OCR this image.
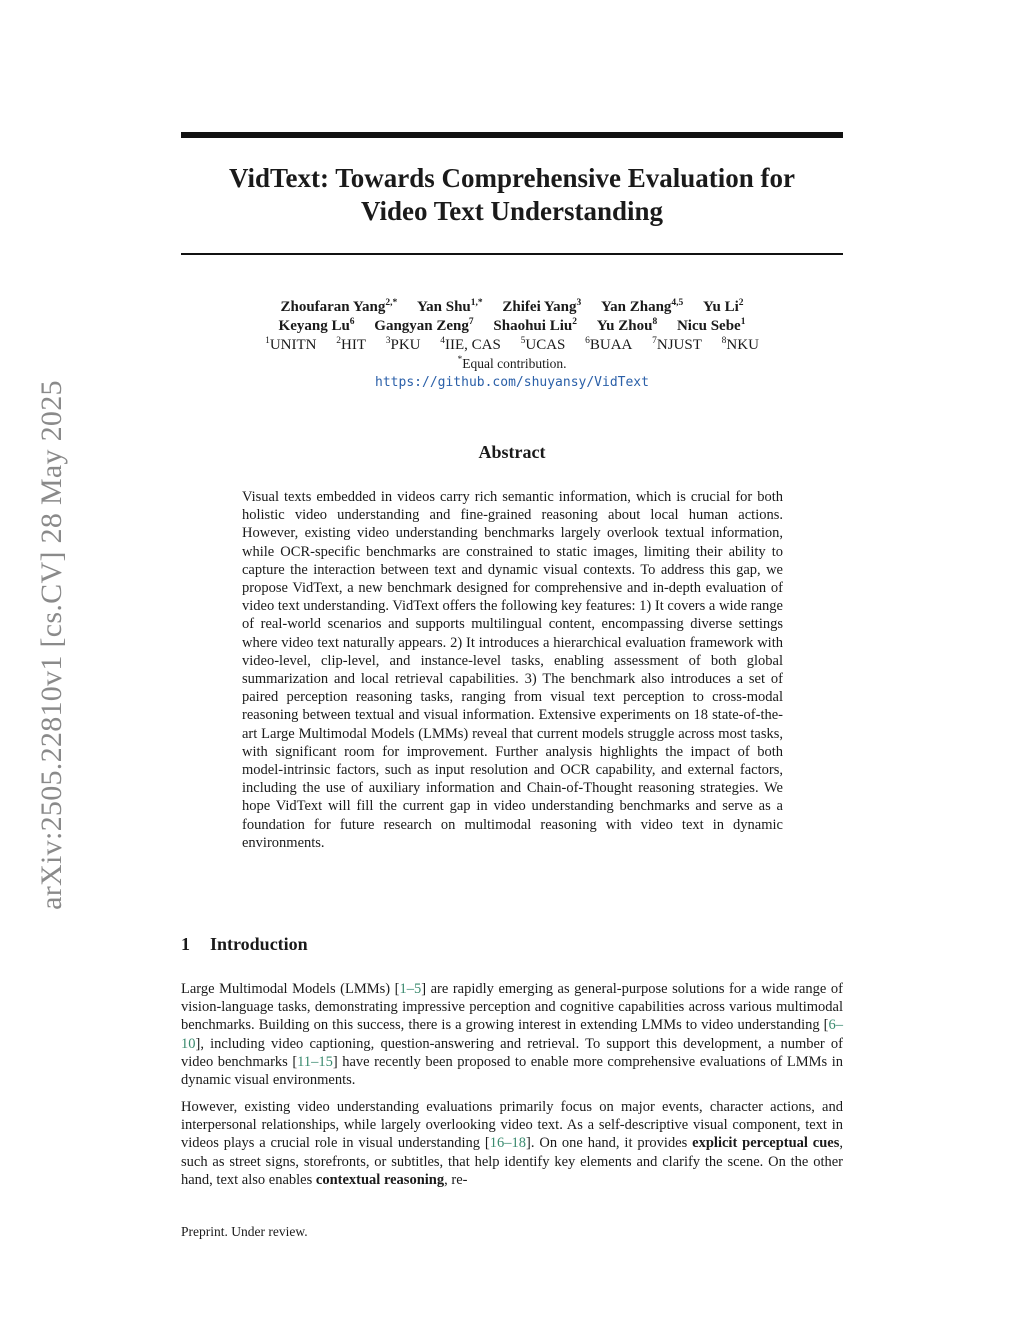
arXiv:2505.22810v1 [cs.CV] 28 May 2025
VidText: Towards Comprehensive Evaluation for
Video Text Understanding
Zhoufaran Yang$^{2,*}$ Yan Shu$^{1,*}$ Zhifei Yang$^3$ Yan Zhang$^{4,5}$ Yu Li$^2$
Keyang Lu$^6$ Gangyan Zeng$^7$ Shaohui Liu$^2$ Yu Zhou$^8$ Nicu Sebe$^1$
$^1$UNITN $^2$HIT $^3$PKU $^4$IIE, CAS $^5$UCAS $^6$BUAA $^7$NJUST $^8$NKU
*Equal contribution.
https://github.com/shuyansy/VidText
Abstract
Visual texts embedded in videos carry rich semantic information, which is crucial for both holistic video understanding and fine-grained reasoning about local human actions. However, existing video understanding benchmarks largely overlook textual information, while OCR-specific benchmarks are constrained to static images, limiting their ability to capture the interaction between text and dynamic visual contexts. To address this gap, we propose VidText, a new benchmark designed for comprehensive and in-depth evaluation of video text understanding. VidText offers the following key features: 1) It covers a wide range of real-world scenarios and supports multilingual content, encompassing diverse settings where video text naturally appears. 2) It introduces a hierarchical evaluation framework with video-level, clip-level, and instance-level tasks, enabling assessment of both global summarization and local retrieval capabilities. 3) The benchmark also introduces a set of paired perception reasoning tasks, ranging from visual text perception to cross-modal reasoning between textual and visual information. Extensive experiments on 18 state-of-the-art Large Multimodal Models (LMMs) reveal that current models struggle across most tasks, with significant room for improvement. Further analysis highlights the impact of both model-intrinsic factors, such as input resolution and OCR capability, and external factors, including the use of auxiliary information and Chain-of-Thought reasoning strategies. We hope VidText will fill the current gap in video understanding benchmarks and serve as a foundation for future research on multimodal reasoning with video text in dynamic environments.
1 Introduction
Large Multimodal Models (LMMs) [1–5] are rapidly emerging as general-purpose solutions for a wide range of vision-language tasks, demonstrating impressive perception and cognitive capabilities across various multimodal benchmarks. Building on this success, there is a growing interest in extending LMMs to video understanding [6–10], including video captioning, question-answering and retrieval. To support this development, a number of video benchmarks [11–15] have recently been proposed to enable more comprehensive evaluations of LMMs in dynamic visual environments.
However, existing video understanding evaluations primarily focus on major events, character actions, and interpersonal relationships, while largely overlooking video text. As a self-descriptive visual component, text in videos plays a crucial role in visual understanding [16–18]. On one hand, it provides explicit perceptual cues, such as street signs, storefronts, or subtitles, that help identify key elements and clarify the scene. On the other hand, text also enables contextual reasoning, re-
Preprint. Under review.
